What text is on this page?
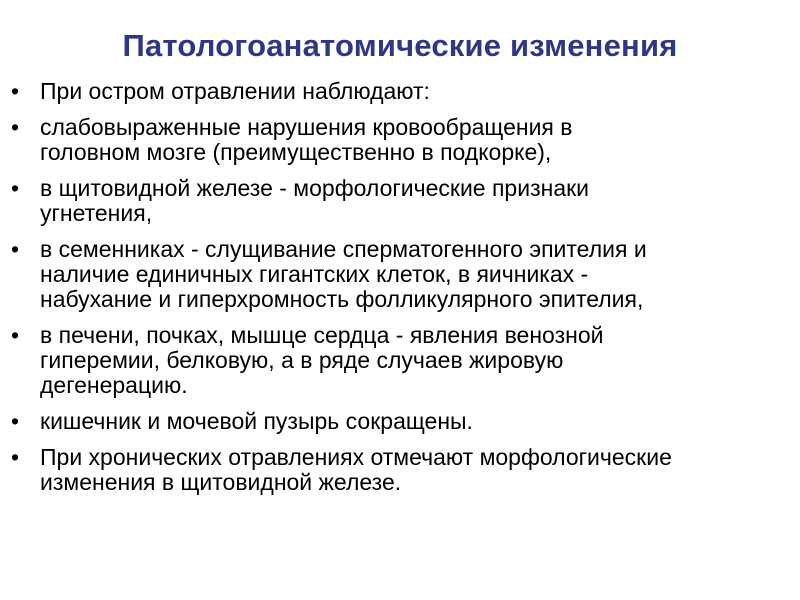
Патологоанатомические изменения
• При остром отравлении наблюдают:
• слабовыраженные нарушения кровообращения в
головном мозге (преимущественно в подкорке),
• в щитовидной железе - морфологические признаки
угнетения,
• в семенниках - слущивание сперматогенного эпителия и
наличие единичных гигантских клеток, в яичниках -
набухание и гиперхромность фолликулярного эпителия,
• в печени, почках, мышце сердца - явления венозной
гиперемии, белковую, а в ряде случаев жировую
дегенерацию.
• кишечник и мочевой пузырь сокращены.
• При хронических отравлениях отмечают морфологические
изменения в щитовидной железе.
